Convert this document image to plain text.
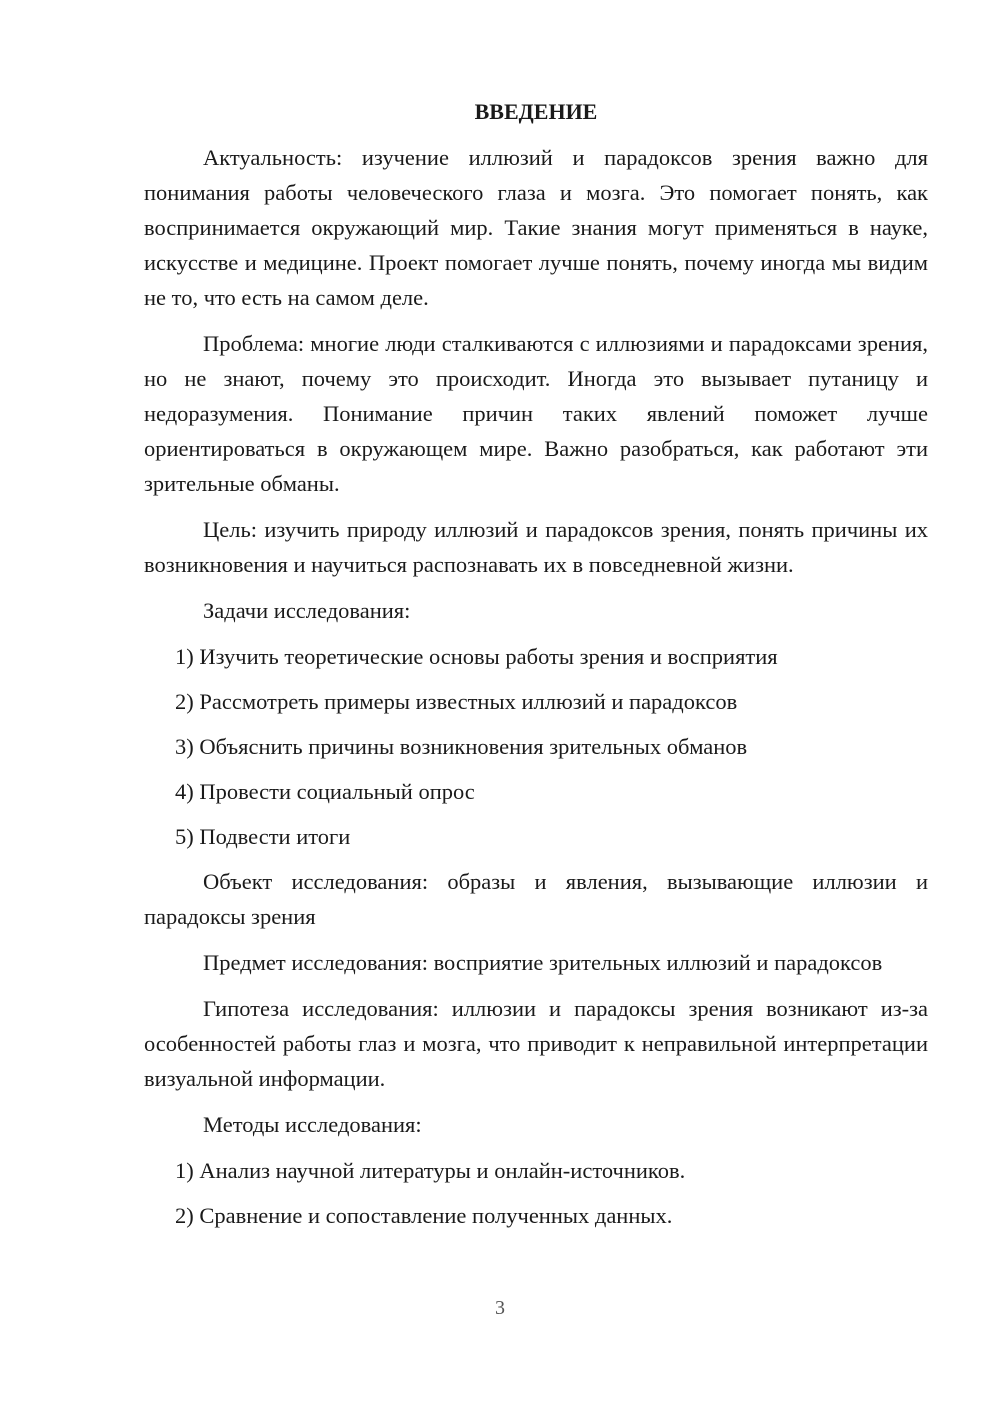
ВВЕДЕНИЕ
Актуальность: изучение иллюзий и парадоксов зрения важно для понимания работы человеческого глаза и мозга. Это помогает понять, как воспринимается окружающий мир. Такие знания могут применяться в науке, искусстве и медицине. Проект помогает лучше понять, почему иногда мы видим не то, что есть на самом деле.
Проблема: многие люди сталкиваются с иллюзиями и парадоксами зрения, но не знают, почему это происходит. Иногда это вызывает путаницу и недоразумения. Понимание причин таких явлений поможет лучше ориентироваться в окружающем мире. Важно разобраться, как работают эти зрительные обманы.
Цель: изучить природу иллюзий и парадоксов зрения, понять причины их возникновения и научиться распознавать их в повседневной жизни.
Задачи исследования:
1) Изучить теоретические основы работы зрения и восприятия
2) Рассмотреть примеры известных иллюзий и парадоксов
3) Объяснить причины возникновения зрительных обманов
4) Провести социальный опрос
5) Подвести итоги
Объект исследования: образы и явления, вызывающие иллюзии и парадоксы зрения
Предмет исследования: восприятие зрительных иллюзий и парадоксов
Гипотеза исследования: иллюзии и парадоксы зрения возникают из-за особенностей работы глаз и мозга, что приводит к неправильной интерпретации визуальной информации.
Методы исследования:
1) Анализ научной литературы и онлайн-источников.
2) Сравнение и сопоставление полученных данных.
3
